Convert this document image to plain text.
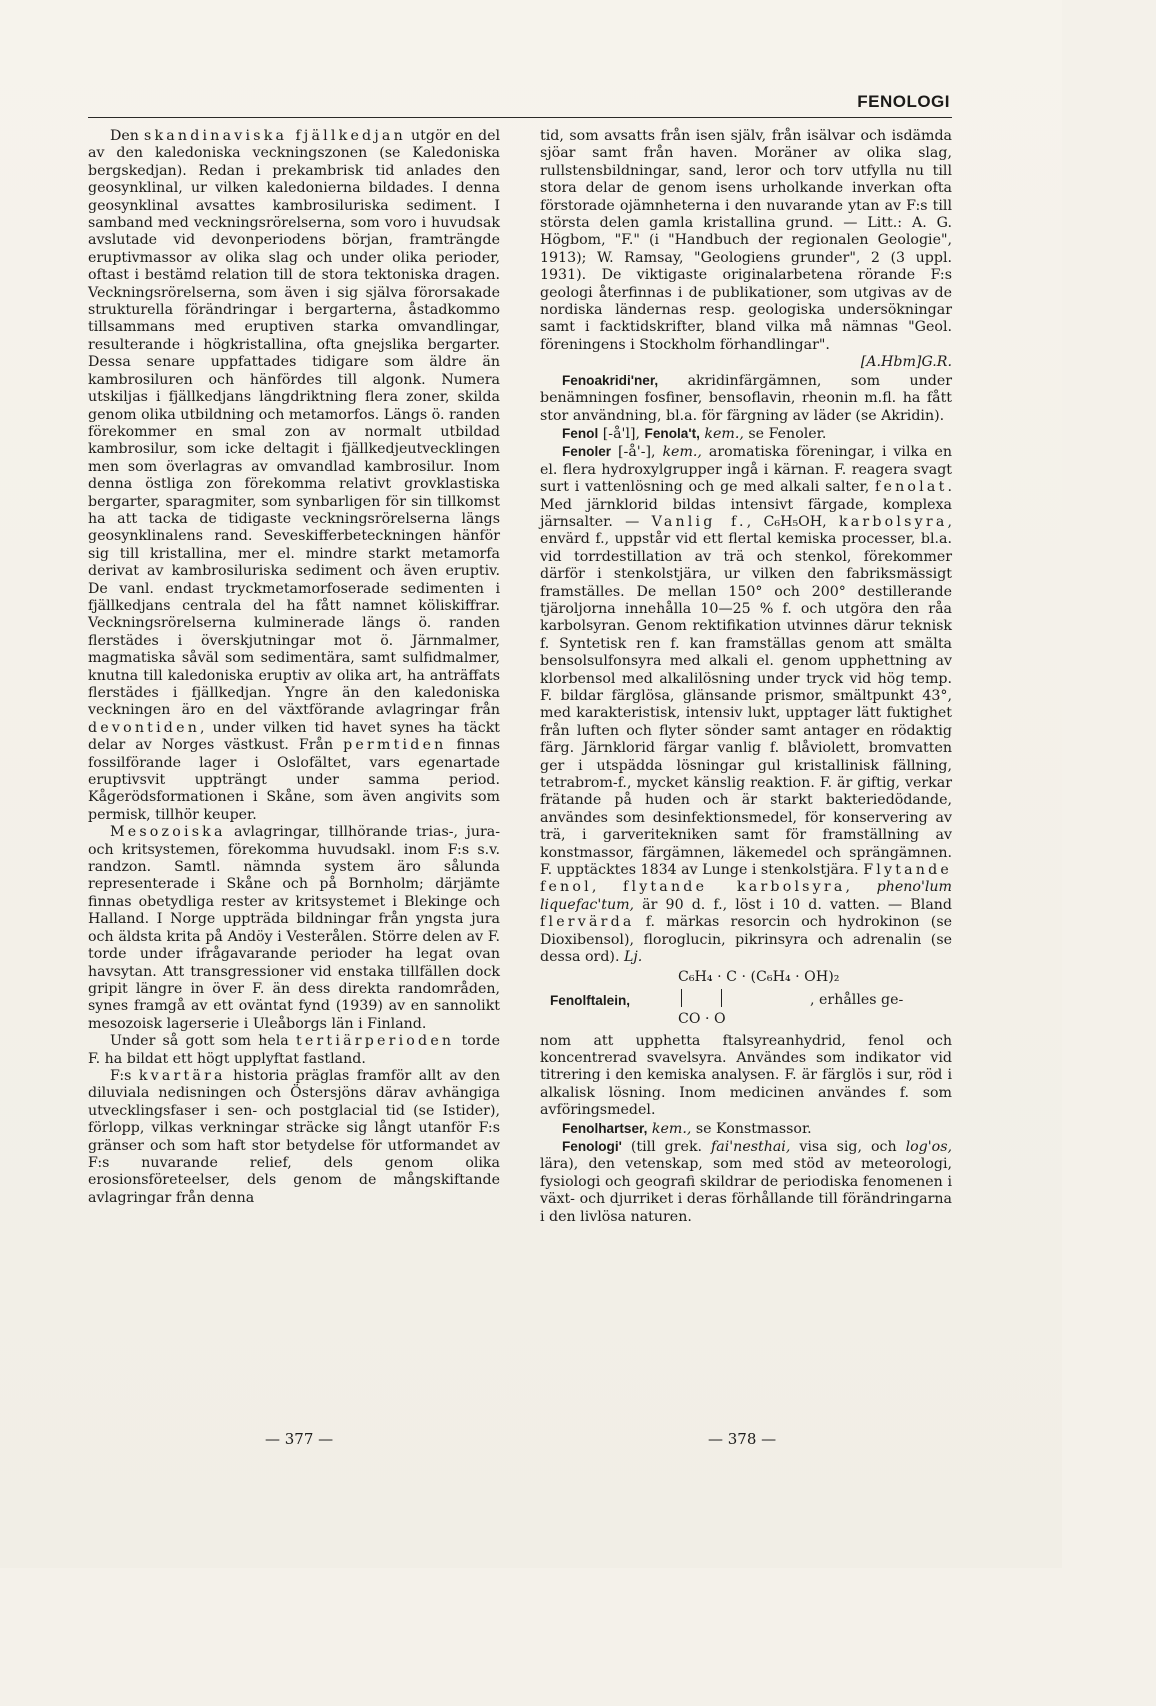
FENOLOGI

Den skandinaviska fjällkedjan utgör en del av den kaledoniska veckningszonen (se Kaledoniska bergskedjan). Redan i prekambrisk tid anlades den geosynklinal, ur vilken kaledonierna bildades. I denna geosynklinal avsattes kambrosiluriska sediment. I samband med veckningsrörelserna, som voro i huvudsak avslutade vid devonperiodens början, framträngde eruptivmassor av olika slag och under olika perioder, oftast i bestämd relation till de stora tektoniska dragen. Veckningsrörelserna, som även i sig själva förorsakade strukturella förändringar i bergarterna, åstadkommo tillsammans med eruptiven starka omvandlingar, resulterande i högkristallina, ofta gnejslika bergarter. Dessa senare uppfattades tidigare som äldre än kambrosiluren och hänfördes till algonk. Numera utskiljas i fjällkedjans längdriktning flera zoner, skilda genom olika utbildning och metamorfos. Längs ö. randen förekommer en smal zon av normalt utbildad kambrosilur, som icke deltagit i fjällkedjeutvecklingen men som överlagras av omvandlad kambrosilur. Inom denna östliga zon förekomma relativt grovklastiska bergarter, sparagmiter, som synbarligen för sin tillkomst ha att tacka de tidigaste veckningsrörelserna längs geosynklinalens rand. Seveskifferbeteckningen hänför sig till kristallina, mer el. mindre starkt metamorfa derivat av kambrosiluriska sediment och även eruptiv. De vanl. endast tryckmetamorfoserade sedimenten i fjällkedjans centrala del ha fått namnet köliskiffrar. Veckningsrörelserna kulminerade längs ö. randen flerstädes i överskjutningar mot ö. Järnmalmer, magmatiska såväl som sedimentära, samt sulfidmalmer, knutna till kaledoniska eruptiv av olika art, ha anträffats flerstädes i fjällkedjan. Yngre än den kaledoniska veckningen äro en del växtförande avlagringar från devontiden, under vilken tid havet synes ha täckt delar av Norges västkust. Från permtiden finnas fossilförande lager i Oslofältet, vars egenartade eruptivsvit uppträngt under samma period. Kågerödsformationen i Skåne, som även angivits som permisk, tillhör keuper.

Mesozoiska avlagringar, tillhörande trias-, jura- och kritsystemen, förekomma huvudsakl. inom F:s s.v. randzon. Samtl. nämnda system äro sålunda representerade i Skåne och på Bornholm; därjämte finnas obetydliga rester av kritsystemet i Blekinge och Halland. I Norge uppträda bildningar från yngsta jura och äldsta krita på Andöy i Vesterålen. Större delen av F. torde under ifrågavarande perioder ha legat ovan havsytan. Att transgressioner vid enstaka tillfällen dock gripit längre in över F. än dess direkta randområden, synes framgå av ett oväntat fynd (1939) av en sannolikt mesozoisk lagerserie i Uleåborgs län i Finland.

Under så gott som hela tertiärperioden torde F. ha bildat ett högt upplyftat fastland.

F:s kvartära historia präglas framför allt av den diluviala nedisningen och Östersjöns därav avhängiga utvecklingsfaser i sen- och postglacial tid (se Istider), förlopp, vilkas verkningar sträcke sig långt utanför F:s gränser och som haft stor betydelse för utformandet av F:s nuvarande relief, dels genom olika erosionsföreteelser, dels genom de mångskiftande avlagringar från denna

tid, som avsatts från isen själv, från isälvar och isdämda sjöar samt från haven. Moräner av olika slag, rullstensbildningar, sand, leror och torv utfylla nu till stora delar de genom isens urholkande inverkan ofta förstorade ojämnheterna i den nuvarande ytan av F:s till största delen gamla kristallina grund. — Litt.: A. G. Högbom, "F." (i "Handbuch der regionalen Geologie", 1913); W. Ramsay, "Geologiens grunder", 2 (3 uppl. 1931). De viktigaste originalarbetena rörande F:s geologi återfinnas i de publikationer, som utgivas av de nordiska ländernas resp. geologiska undersökningar samt i facktidskrifter, bland vilka må nämnas "Geol. föreningens i Stockholm förhandlingar".

[A.Hbm]G.R.

Fenoakridi'ner, akridinfärgämnen, som under benämningen fosfiner, bensoflavin, rheonin m.fl. ha fått stor användning, bl.a. för färgning av läder (se Akridin).

Fenol [-å'l], Fenola't, kem., se Fenoler.

Fenoler [-å'-], kem., aromatiska föreningar, i vilka en el. flera hydroxylgrupper ingå i kärnan. F. reagera svagt surt i vattenlösning och ge med alkali salter, fenolat. Med järnklorid bildas intensivt färgade, komplexa järnsalter. — Vanlig f., C₆H₅OH, karbolsyra, envärd f., uppstår vid ett flertal kemiska processer, bl.a. vid torrdestillation av trä och stenkol, förekommer därför i stenkolstjära, ur vilken den fabriksmässigt framställes. De mellan 150° och 200° destillerande tjäroljorna innehålla 10—25 % f. och utgöra den råa karbolsyran. Genom rektifikation utvinnes därur teknisk f. Syntetisk ren f. kan framställas genom att smälta bensolsulfonsyra med alkali el. genom upphettning av klorbensol med alkalilösning under tryck vid hög temp. F. bildar färglösa, glänsande prismor, smältpunkt 43°, med karakteristisk, intensiv lukt, upptager lätt fuktighet från luften och flyter sönder samt antager en rödaktig färg. Järnklorid färgar vanlig f. blåviolett, bromvatten ger i utspädda lösningar gul kristallinisk fällning, tetrabrom-f., mycket känslig reaktion. F. är giftig, verkar frätande på huden och är starkt bakteriedödande, användes som desinfektionsmedel, för konservering av trä, i garveritekniken samt för framställning av konstmassor, färgämnen, läkemedel och sprängämnen. F. upptäcktes 1834 av Lunge i stenkolstjära. Flytande fenol, flytande karbolsyra, pheno'lum liquefac'tum, är 90 d. f., löst i 10 d. vatten. — Bland flervärda f. märkas resorcin och hydrokinon (se Dioxibensol), floroglucin, pikrinsyra och adrenalin (se dessa ord). Lj.

Fenolftalein,
C₆H₄ · C · (C₆H₄ · OH)₂
CO · O
, erhålles ge-

nom att upphetta ftalsyreanhydrid, fenol och koncentrerad svavelsyra. Användes som indikator vid titrering i den kemiska analysen. F. är färglös i sur, röd i alkalisk lösning. Inom medicinen användes f. som avföringsmedel.

Fenolhartser, kem., se Konstmassor.

Fenologi' (till grek. fai'nesthai, visa sig, och log'os, lära), den vetenskap, som med stöd av meteorologi, fysiologi och geografi skildrar de periodiska fenomenen i växt- och djurriket i deras förhållande till förändringarna i den livlösa naturen.

— 377 —	— 378 —
